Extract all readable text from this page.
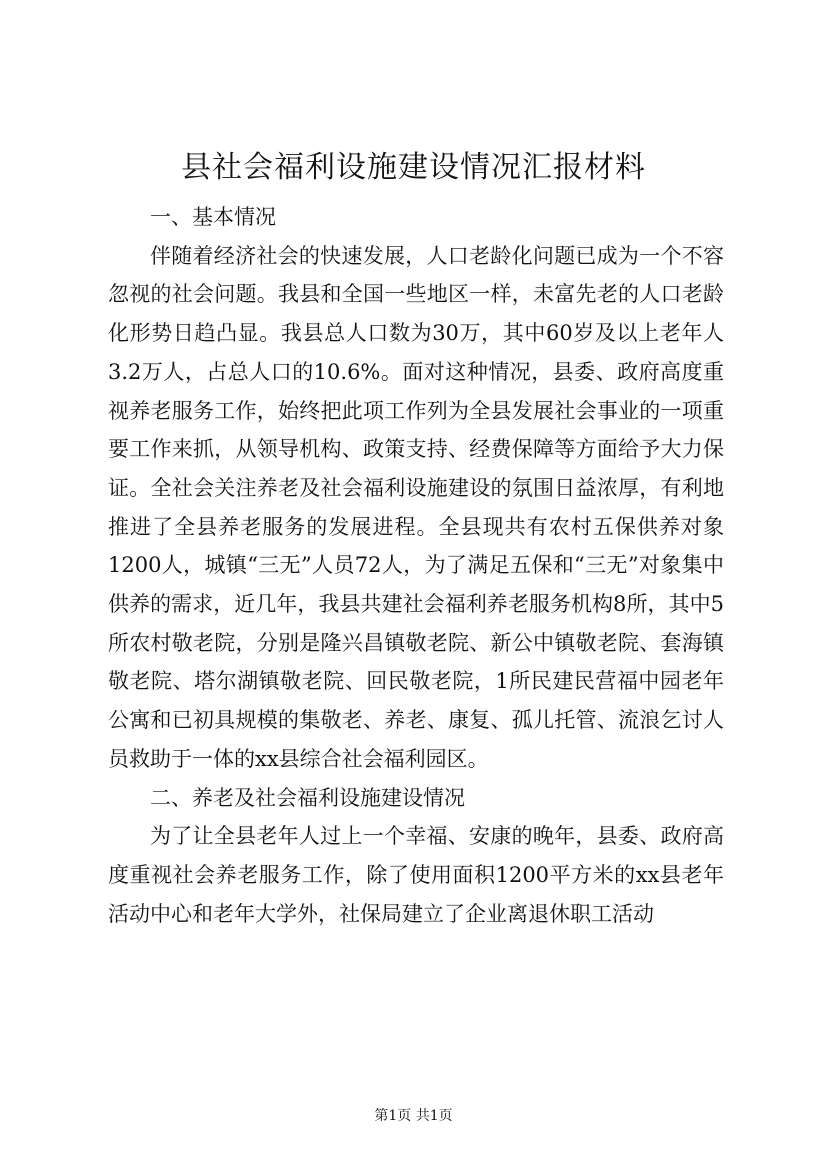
县社会福利设施建设情况汇报材料

一、基本情况

伴随着经济社会的快速发展，人口老龄化问题已成为一个不容忽视的社会问题。我县和全国一些地区一样，未富先老的人口老龄化形势日趋凸显。我县总人口数为30万，其中60岁及以上老年人3.2万人，占总人口的10.6%。面对这种情况，县委、政府高度重视养老服务工作，始终把此项工作列为全县发展社会事业的一项重要工作来抓，从领导机构、政策支持、经费保障等方面给予大力保证。全社会关注养老及社会福利设施建设的氛围日益浓厚，有利地推进了全县养老服务的发展进程。全县现共有农村五保供养对象1200人，城镇“三无”人员72人，为了满足五保和“三无”对象集中供养的需求，近几年，我县共建社会福利养老服务机构8所，其中5所农村敬老院，分别是隆兴昌镇敬老院、新公中镇敬老院、套海镇敬老院、塔尔湖镇敬老院、回民敬老院，1所民建民营福中园老年公寓和已初具规模的集敬老、养老、康复、孤儿托管、流浪乞讨人员救助于一体的xx县综合社会福利园区。

二、养老及社会福利设施建设情况

为了让全县老年人过上一个幸福、安康的晚年，县委、政府高度重视社会养老服务工作，除了使用面积1200平方米的xx县老年活动中心和老年大学外，社保局建立了企业离退休职工活动

第1页 共1页
